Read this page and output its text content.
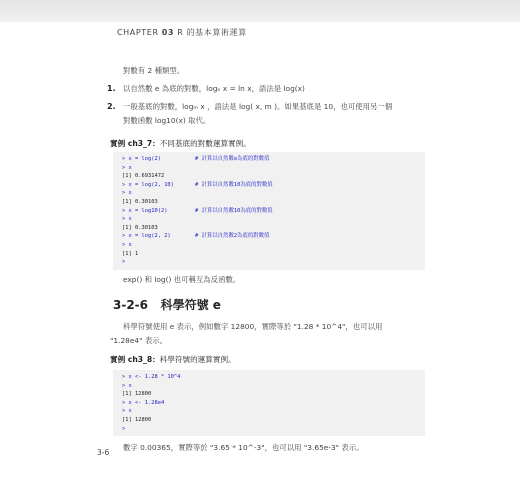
CHAPTER 03 R 的基本算術運算
對數有 2 種類型。
1. 以自然數 e 為底的對數，logₑ x = ln x，語法是 log(x)
2. 一般基底的對數，logₘ x ，語法是 log( x, m )。如果基底是 10，也可使用另一個
對數函數 log10(x) 取代。
實例 ch3_7：不同基底的對數運算實例。
> x = log(2)	# 計算以自然數e為底的對數值
> x
[1] 0.6931472
> x = log(2, 10)	# 計算以自然數10為底的對數值
> x
[1] 0.30103
> x = log10(2)	# 計算以自然數10為底的對數值
> x
[1] 0.30103
> x = log(2, 2)	# 計算以自然數2為底的對數值
> x
[1] 1
>
exp() 和 log() 也可稱互為反函數。
3-2-6 科學符號 e
科學符號使用 e 表示，例如數字 12800，實際等於 "1.28 * 10^4"，也可以用
"1.28e4" 表示。
實例 ch3_8：科學符號的運算實例。
> x <- 1.28 * 10^4
> x
[1] 12800
> x <- 1.28e4
> x
[1] 12800
>
數字 0.00365，實際等於 "3.65 * 10^-3"，也可以用 "3.65e-3" 表示。
3-6
